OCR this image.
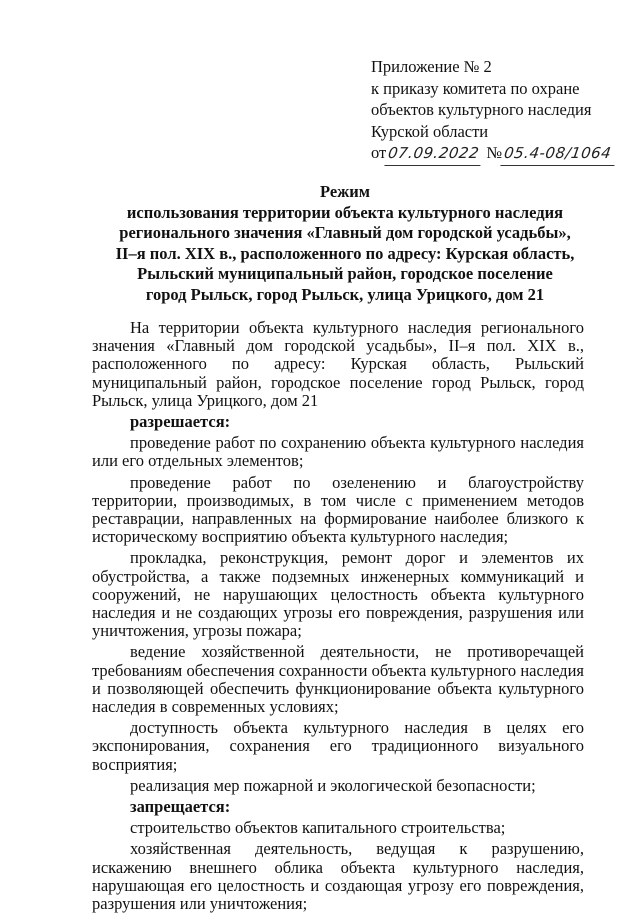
Приложение № 2
к приказу комитета по охране
объектов культурного наследия
Курской области
от07.09.2022 №05.4-08/1064
Режим
использования территории объекта культурного наследия
регионального значения «Главный дом городской усадьбы»,
II–я пол. XIX в., расположенного по адресу: Курская область,
Рыльский муниципальный район, городское поселение
город Рыльск, город Рыльск, улица Урицкого, дом 21

На территории объекта культурного наследия регионального значения «Главный дом городской усадьбы», II–я пол. XIX в., расположенного по адресу: Курская область, Рыльский муниципальный район, городское поселение город Рыльск, город Рыльск, улица Урицкого, дом 21

разрешается:

проведение работ по сохранению объекта культурного наследия или его отдельных элементов;

проведение работ по озеленению и благоустройству территории, производимых, в том числе с применением методов реставрации, направленных на формирование наиболее близкого к историческому восприятию объекта культурного наследия;

прокладка, реконструкция, ремонт дорог и элементов их обустройства, а также подземных инженерных коммуникаций и сооружений, не нарушающих целостность объекта культурного наследия и не создающих угрозы его повреждения, разрушения или уничтожения, угрозы пожара;

ведение хозяйственной деятельности, не противоречащей требованиям обеспечения сохранности объекта культурного наследия и позволяющей обеспечить функционирование объекта культурного наследия в современных условиях;

доступность объекта культурного наследия в целях его экспонирования, сохранения его традиционного визуального восприятия;

реализация мер пожарной и экологической безопасности;

запрещается:

строительство объектов капитального строительства;

хозяйственная деятельность, ведущая к разрушению, искажению внешнего облика объекта культурного наследия, нарушающая его целостность и создающая угрозу его повреждения, разрушения или уничтожения;
